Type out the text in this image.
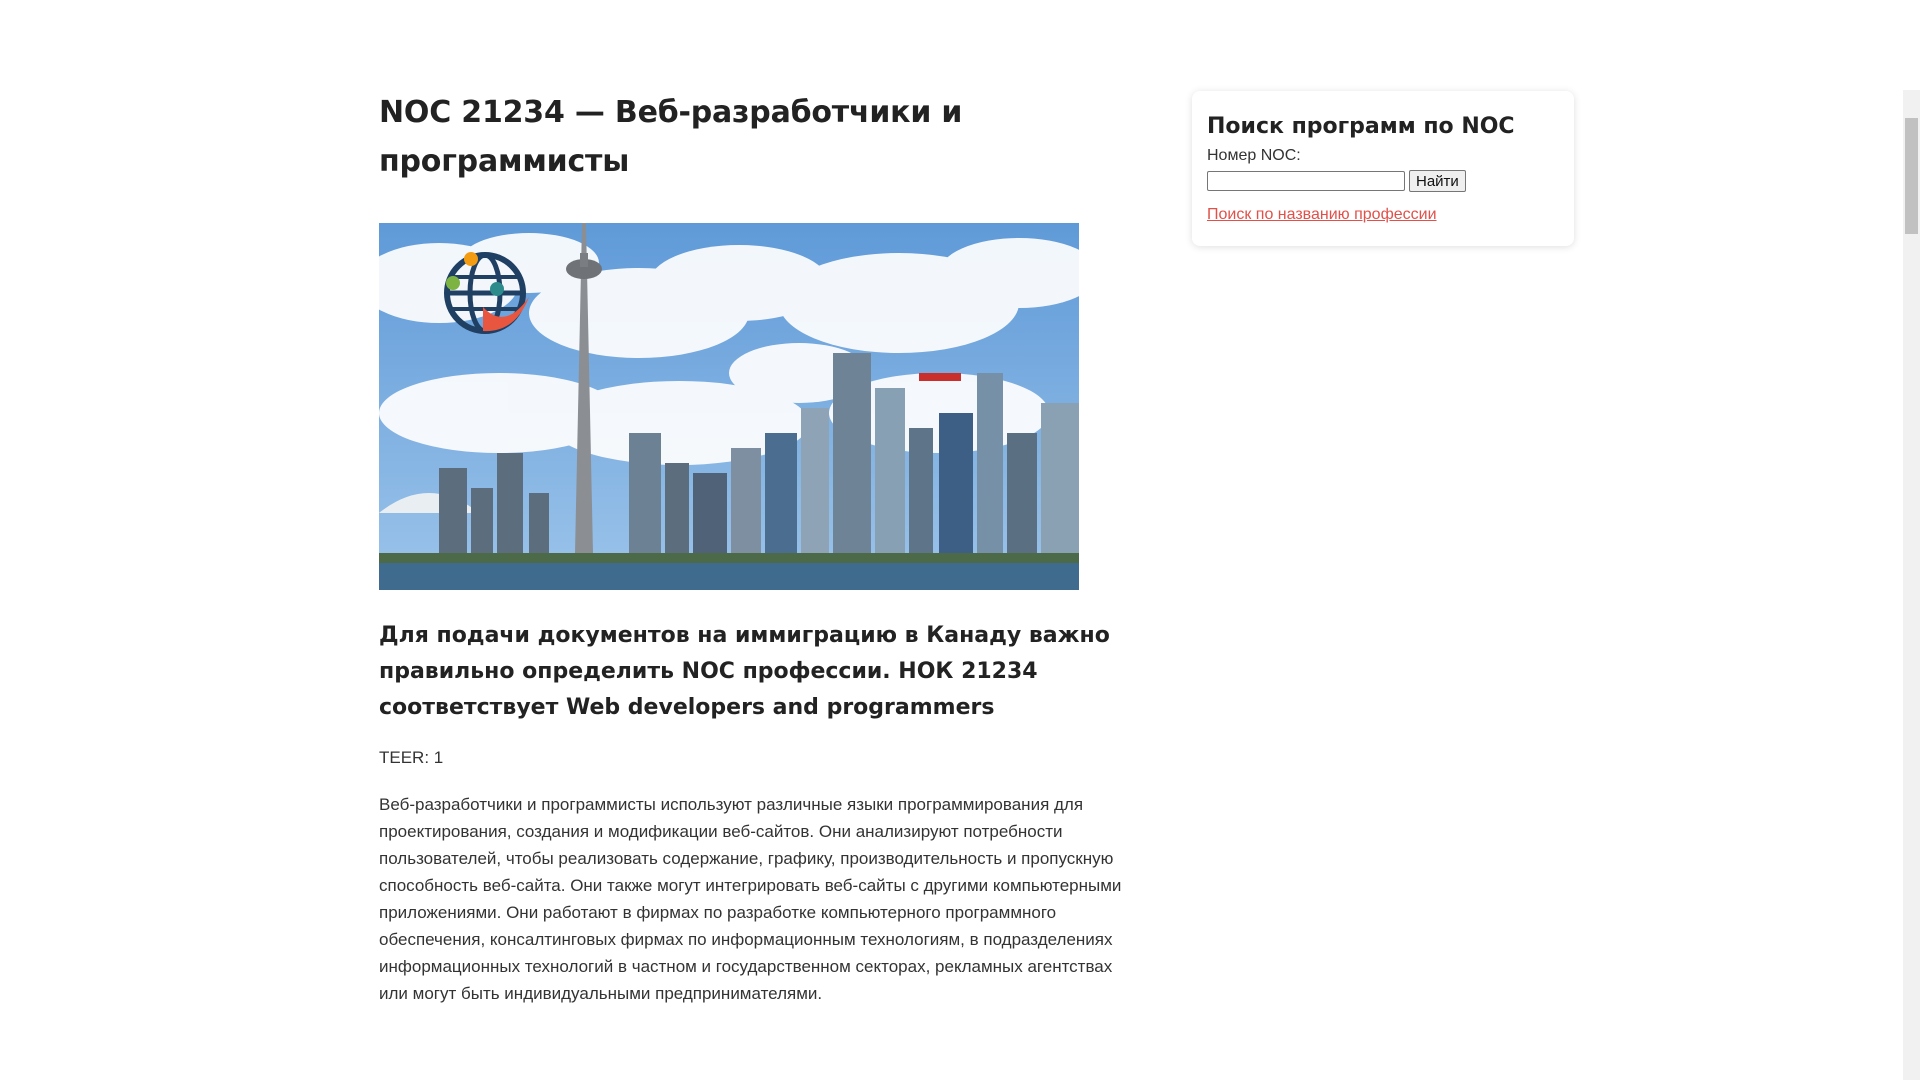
NOC 21234 — Веб-разработчики и программисты
Для подачи документов на иммиграцию в Канаду важно правильно определить NOC профессии. НОК 21234 соответствует Web developers and programmers

TEER: 1

Веб-разработчики и программисты используют различные языки программирования для проектирования, создания и модификации веб-сайтов. Они анализируют потребности пользователей, чтобы реализовать содержание, графику, производительность и пропускную способность веб-сайта. Они также могут интегрировать веб-сайты с другими компьютерными приложениями. Они работают в фирмах по разработке компьютерного программного обеспечения, консалтинговых фирмах по информационным технологиям, в подразделениях информационных технологий в частном и государственном секторах, рекламных агентствах или могут быть индивидуальными предпринимателями.

Поиск программ по NOC
Номер NOC:
Найти
Поиск по названию профессии
